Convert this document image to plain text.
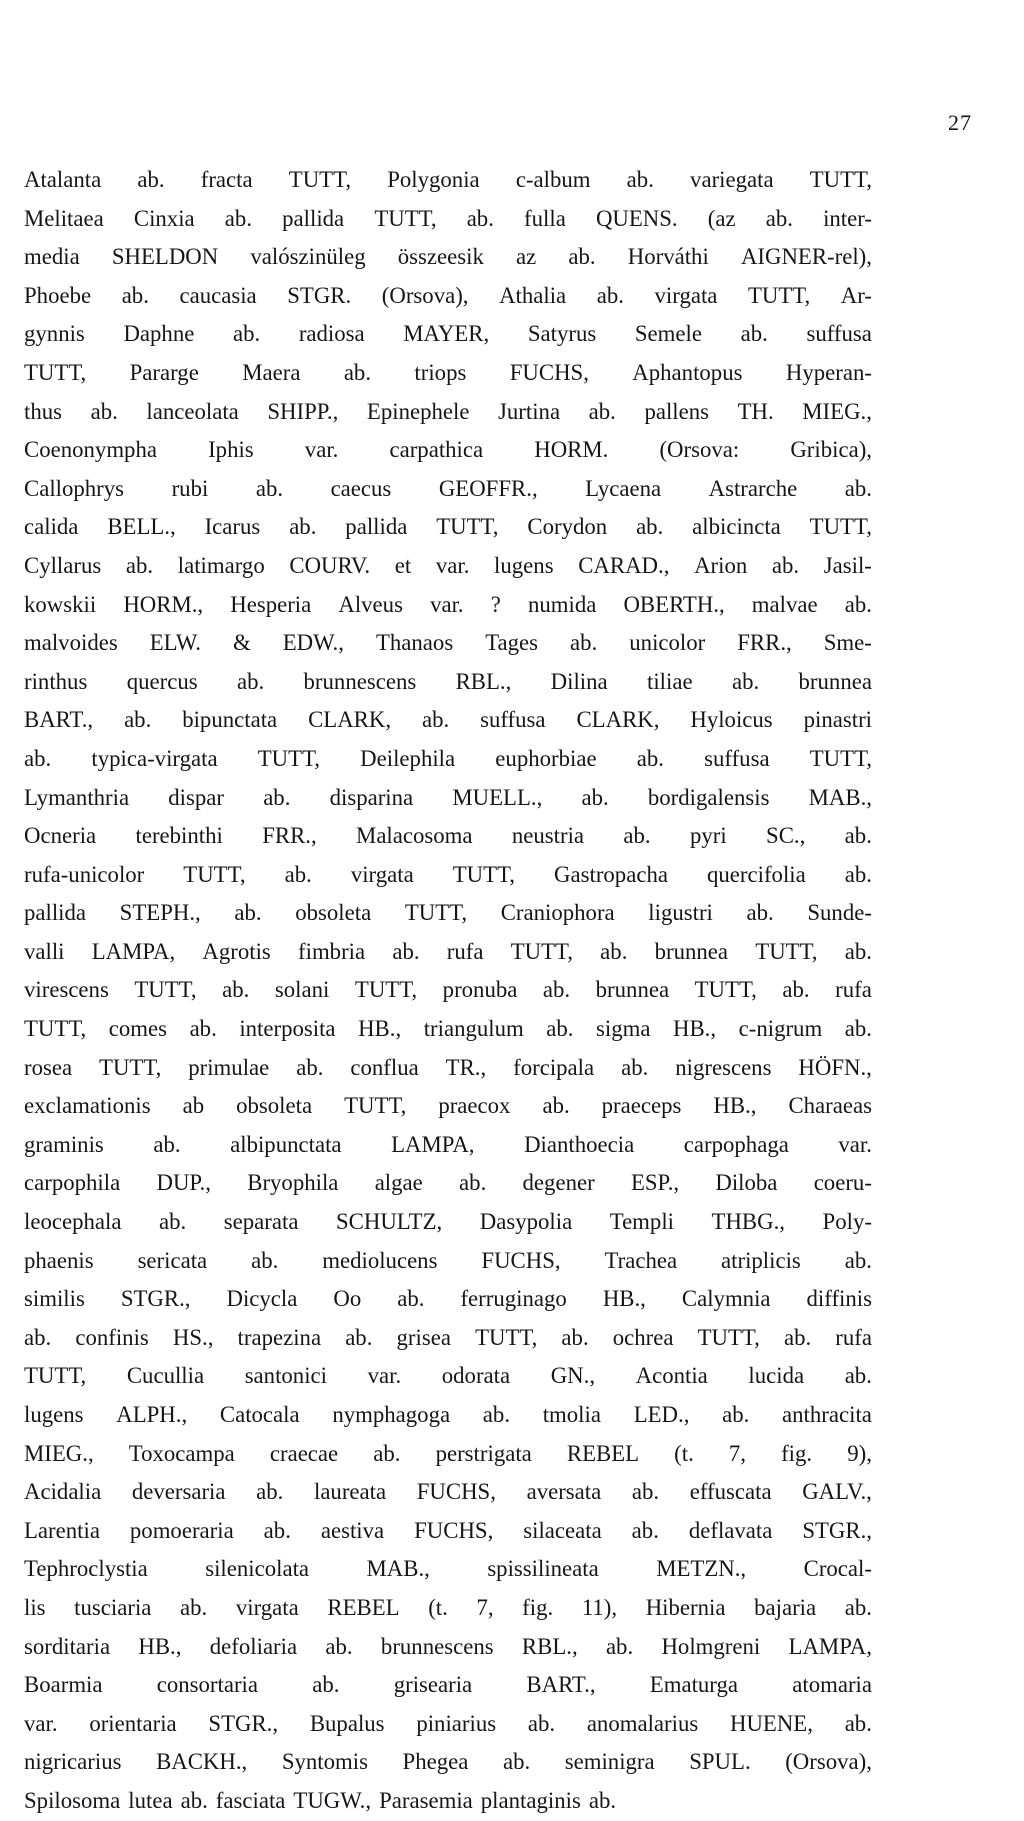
27
Atalanta ab. fracta TUTT, Polygonia c-album ab. variegata TUTT,
Melitaea Cinxia ab. pallida TUTT, ab. fulla QUENS. (az ab. inter-
media SHELDON valószinüleg összeesik az ab. Horváthi AIGNER-rel),
Phoebe ab. caucasia STGR. (Orsova), Athalia ab. virgata TUTT, Ar-
gynnis Daphne ab. radiosa MAYER, Satyrus Semele ab. suffusa
TUTT, Pararge Maera ab. triops FUCHS, Aphantopus Hyperan-
thus ab. lanceolata SHIPP., Epinephele Jurtina ab. pallens TH. MIEG.,
Coenonympha Iphis var. carpathica HORM. (Orsova: Gribica),
Callophrys rubi ab. caecus GEOFFR., Lycaena Astrarche ab.
calida BELL., Icarus ab. pallida TUTT, Corydon ab. albicincta TUTT,
Cyllarus ab. latimargo COURV. et var. lugens CARAD., Arion ab. Jasil-
kowskii HORM., Hesperia Alveus var. ? numida OBERTH., malvae ab.
malvoides ELW. & EDW., Thanaos Tages ab. unicolor FRR., Sme-
rinthus quercus ab. brunnescens RBL., Dilina tiliae ab. brunnea
BART., ab. bipunctata CLARK, ab. suffusa CLARK, Hyloicus pinastri
ab. typica-virgata TUTT, Deilephila euphorbiae ab. suffusa TUTT,
Lymanthria dispar ab. disparina MUELL., ab. bordigalensis MAB.,
Ocneria terebinthi FRR., Malacosoma neustria ab. pyri SC., ab.
rufa-unicolor TUTT, ab. virgata TUTT, Gastropacha quercifolia ab.
pallida STEPH., ab. obsoleta TUTT, Craniophora ligustri ab. Sunde-
valli LAMPA, Agrotis fimbria ab. rufa TUTT, ab. brunnea TUTT, ab.
virescens TUTT, ab. solani TUTT, pronuba ab. brunnea TUTT, ab. rufa
TUTT, comes ab. interposita HB., triangulum ab. sigma HB., c-nigrum ab.
rosea TUTT, primulae ab. conflua TR., forcipala ab. nigrescens HÖFN.,
exclamationis ab obsoleta TUTT, praecox ab. praeceps HB., Charaeas
graminis ab. albipunctata LAMPA, Dianthoecia carpophaga var.
carpophila DUP., Bryophila algae ab. degener ESP., Diloba coeru-
leocephala ab. separata SCHULTZ, Dasypolia Templi THBG., Poly-
phaenis sericata ab. mediolucens FUCHS, Trachea atriplicis ab.
similis STGR., Dicycla Oo ab. ferruginago HB., Calymnia diffinis
ab. confinis HS., trapezina ab. grisea TUTT, ab. ochrea TUTT, ab. rufa
TUTT, Cucullia santonici var. odorata GN., Acontia lucida ab.
lugens ALPH., Catocala nymphagoga ab. tmolia LED., ab. anthracita
MIEG., Toxocampa craecae ab. perstrigata REBEL (t. 7, fig. 9),
Acidalia deversaria ab. laureata FUCHS, aversata ab. effuscata GALV.,
Larentia pomoeraria ab. aestiva FUCHS, silaceata ab. deflavata STGR.,
Tephroclystia	silenicolata	MAB.,	spissilineata	METZN.,	Crocal-
lis tusciaria ab. virgata REBEL (t. 7, fig. 11), Hibernia bajaria ab.
sorditaria HB., defoliaria ab. brunnescens RBL., ab. Holmgreni LAMPA,
Boarmia consortaria ab. grisearia BART., Ematurga atomaria
var. orientaria STGR., Bupalus piniarius ab. anomalarius HUENE, ab.
nigricarius BACKH., Syntomis Phegea ab. seminigra SPUL. (Orsova),
Spilosoma lutea ab. fasciata TUGW., Parasemia plantaginis ab.
